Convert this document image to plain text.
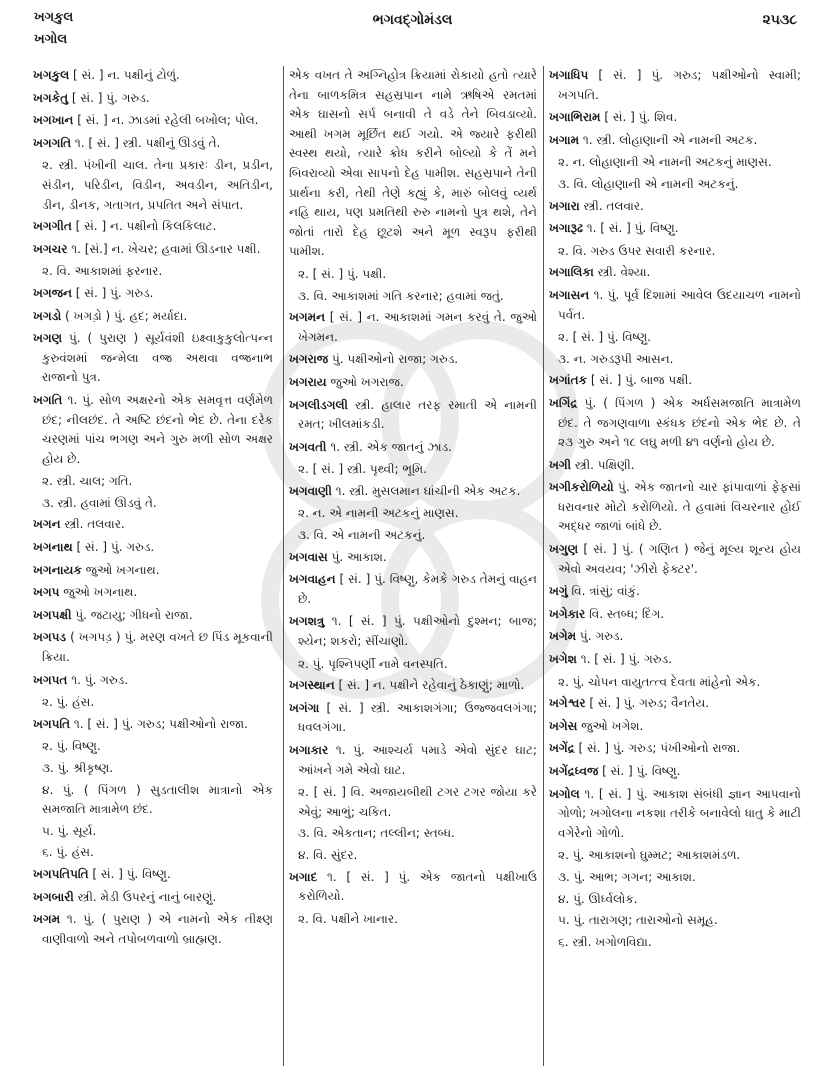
ખગકુલ
ખગોલ
ભગવદ્ગોમંડલ	૨૫૩૮
ખગકુલ [ સં. ] ન. પક્ષીનું ટોળું.
ખગકેતુ [ સં. ] પું. ગરુડ.
ખગખાન [ સં. ] ન. ઝાડમાં રહેલી બખોલ; પોલ.
ખગગતિ ૧. [ સં. ] સ્ત્રી. પક્ષીનું ઊડવું તે.
૨. સ્ત્રી. પંખીની ચાલ. તેના પ્રકારઃ ડીન, પ્રડીન, સંડીન, પરિડીન, વિડીન, અવડીન, અતિડીન, ડીન, ડીનક, ગતાગત, પ્રપતિત અને સંપાત.
ખગગીત [ સં. ] ન. પક્ષીનો કિલકિલાટ.
ખગચર ૧. [સં.] ન. ખેચર; હવામાં ઊડનાર પક્ષી.
૨. વિ. આકાશમાં ફરનાર.
ખગજન [ સં. ] પું. ગરુડ.
ખગડો ( ખગડ઼ો ) પું. હદ; મર્યાદા.
ખગણ પું. ( પુરાણ ) સૂર્યવંશી ઇક્ષ્વાકુકુલોત્પન્ન કુરુવંશમાં જન્મેલા વજ્ર અથવા વજ્રનાભ રાજાનો પુત્ર.
ખગતિ ૧. પું. સોળ અક્ષરનો એક સમવૃત્ત વર્ણમેળ છંદ; નીલછંદ. તે અષ્ટિ છંદનો ભેદ છે. તેના દરેક ચરણમાં પાંચ ભગણ અને ગુરુ મળી સોળ અક્ષર હોય છે.
૨. સ્ત્રી. ચાલ; ગતિ.
૩. સ્ત્રી. હવામાં ઊડવું તે.
ખગન સ્ત્રી. તલવાર.
ખગનાથ [ સં. ] પું. ગરુડ.
ખગનાયક જુઓ ખગનાથ.
ખગપ જુઓ ખગનાથ.
ખગપક્ષી પું. જટાયુ; ગીધનો રાજા.
ખગપડ ( ખગપડ઼ ) પું. મરણ વખતે છ પિંડ મૂકવાની ક્રિયા.
ખગપત ૧. પું. ગરુડ.
૨. પું. હંસ.
ખગપતિ ૧. [ સં. ] પું. ગરુડ; પક્ષીઓનો રાજા.
૨. પું. વિષ્ણુ.
૩. પું. શ્રીકૃષ્ણ.
૪. પું. ( પિંગળ ) સુડતાલીશ માત્રાનો એક સમજાતિ માત્રામેળ છંદ.
૫. પું. સૂર્ય.
૬. પું. હંસ.
ખગપતિપતિ [ સં. ] પું. વિષ્ણુ.
ખગબારી સ્ત્રી. મેડી ઉપરનું નાનું બારણું.
ખગમ ૧. પું. ( પુરાણ ) એ નામનો એક તીક્ષ્ણ વાણીવાળો અને તપોબળવાળો બ્રાહ્મણ.
એક વખત તે અગ્નિહોત્ર ક્રિયામાં રોકાયો હતો ત્યારે તેના બાળકમિત્ર સહસ્રપાન નામે ઋષિએ રમતમાં એક ઘાસનો સર્પ બનાવી તે વડે તેને બિવડાવ્યો. આથી ખગમ મૂર્છિત થઈ ગયો. એ જ્યારે ફરીથી સ્વસ્થ થયો, ત્યારે ક્રોધ કરીને બોલ્યો કે તેં મને બિવરાવ્યો એવા સાપનો દેહ પામીશ. સહસ્રપાને તેની પ્રાર્થના કરી, તેથી તેણે કહ્યું કે, મારું બોલવું વ્યર્થ નહિ થાય, પણ પ્રમતિથી રુરુ નામનો પુત્ર થશે, તેને જોતાં તારો દેહ છૂટશે અને મૂળ સ્વરૂપ ફરીથી પામીશ.
૨. [ સં. ] પું. પક્ષી.
૩. વિ. આકાશમાં ગતિ કરનાર; હવામાં જતું.
ખગમન [ સં. ] ન. આકાશમાં ગમન કરવું તે. જુઓ ખેગમન.
ખગરાજ પું. પક્ષીઓનો રાજા; ગરુડ.
ખગરાય જુઓ ખગરાજ.
ખગલીડગલી સ્ત્રી. હાલાર તરફ રમાતી એ નામની રમત; ખીલમાંકડી.
ખગવતી ૧. સ્ત્રી. એક જાતનું ઝાડ.
૨. [ સં. ] સ્ત્રી. પૃથ્વી; ભૂમિ.
ખગવાણી ૧. સ્ત્રી. મુસલમાન ઘાંચીની એક અટક.
૨. ન. એ નામની અટકનું માણસ.
૩. વિ. એ નામની અટકનું.
ખગવાસ પું. આકાશ.
ખગવાહન [ સં. ] પું. વિષ્ણુ, કેમકે ગરુડ તેમનું વાહન છે.
ખગશત્રુ ૧. [ સં. ] પું. પક્ષીઓનો દુશ્મન; બાજ; શ્યેન; શકરો; સીંચાણો.
૨. પું. પૃશ્નિપર્ણી નામે વનસ્પતિ.
ખગસ્થાન [ સં. ] ન. પક્ષીને રહેવાનું ઠેકાણું; માળો.
ખગંગા [ સં. ] સ્ત્રી. આકાશગંગા; ઉજ્જવલગંગા; ધવલગંગા.
ખગાકાર ૧. પું. આશ્ચર્ય પમાડે એવો સુંદર ઘાટ; આંખને ગમે એવો ઘાટ.
૨. [ સં. ] વિ. અજાયબીથી ટગર ટગર જોયા કરે એવું; આભું; ચકિત.
૩. વિ. એકતાન; તલ્લીન; સ્તબ્ધ.
૪. વિ. સુંદર.
ખગાદ ૧. [ સં. ] પું. એક જાતનો પક્ષીખાઉ કરોળિયો.
૨. વિ. પક્ષીને ખાનાર.
ખગાધિપ [ સં. ] પું. ગરુડ; પક્ષીઓનો સ્વામી; ખગપતિ.
ખગાભિરામ [ સં. ] પું. શિવ.
ખગામ ૧. સ્ત્રી. લોહાણાની એ નામની અટક.
૨. ન. લોહાણાની એ નામની અટકનું માણસ.
૩. વિ. લોહાણાની એ નામની અટકનું.
ખગારા સ્ત્રી. તલવાર.
ખગારૂઢ ૧. [ સં. ] પું. વિષ્ણુ.
૨. વિ. ગરુડ ઉપર સવારી કરનાર.
ખગાલિકા સ્ત્રી. વેશ્યા.
ખગાસન ૧. પું. પૂર્વ દિશામાં આવેલ ઉદયાચળ નામનો પર્વત.
૨. [ સં. ] પું. વિષ્ણુ.
૩. ન. ગરુડરૂપી આસન.
ખગાંતક [ સં. ] પું. બાજ પક્ષી.
ખગિંદ્ર પું. ( પિંગળ ) એક અર્ધસમજાતિ માત્રામેળ છંદ. તે જગણવાળા સ્કંધક છંદનો એક ભેદ છે. તે ૨૩ ગુરુ અને ૧૮ લઘુ મળી ૪૧ વર્ણનો હોય છે.
ખગી સ્ત્રી. પક્ષિણી.
ખગીકરોળિયો પું. એક જાતનો ચાર ફાંપાવાળાં ફેફસાં ધરાવનાર મોટો કરોળિયો. તે હવામાં વિચરનાર હોઈ અદ્ધર જાળાં બાંધે છે.
ખગુણ [ સં. ] પું. ( ગણિત ) જેનું મૂલ્ય શૂન્ય હોય એવો અવયવ; 'ઝીરો ફેક્ટર'.
ખગું વિ. ત્રાંસું; વાંકું.
ખગેકાર વિ. સ્તબ્ધ; દિંગ.
ખગેમ પું. ગરુડ.
ખગેશ ૧. [ સં. ] પું. ગરુડ.
૨. પું. ચોપન વાયુતત્ત્વ દેવતા માંહેનો એક.
ખગેશ્વર [ સં. ] પું. ગરુડ; વૈનતેય.
ખગેસ જુઓ ખગેશ.
ખગેંદ્ર [ સં. ] પું. ગરુડ; પંખીઓનો રાજા.
ખગેંદ્રધ્વજ [ સં. ] પું. વિષ્ણુ.
ખગોલ ૧. [ સં. ] પું. આકાશ સંબંધી જ્ઞાન આપવાનો ગોળો; ખગોલના નકશા તરીકે બનાવેલો ધાતુ કે માટી વગેરેનો ગોળો.
૨. પું. આકાશનો ઘુમ્મટ; આકાશમંડળ.
૩. પું. આભ; ગગન; આકાશ.
૪. પું. ઊર્ધ્વલોક.
૫. પું. તારાગણ; તારાઓનો સમૂહ.
૬. સ્ત્રી. ખગોળવિદ્યા.
